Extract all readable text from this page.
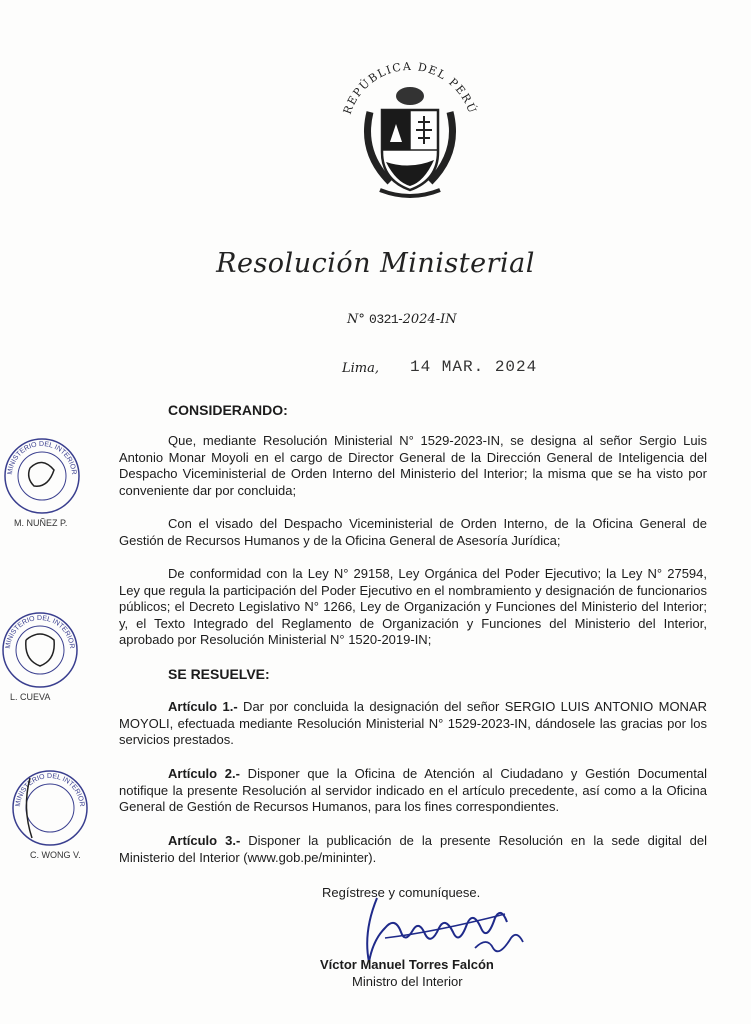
REPÚBLICA DEL PERÚ
Resolución Ministerial
N° 0321-2024-IN
Lima, 14 MAR. 2024
CONSIDERANDO:

Que, mediante Resolución Ministerial N° 1529-2023-IN, se designa al señor Sergio Luis Antonio Monar Moyoli en el cargo de Director General de la Dirección General de Inteligencia del Despacho Viceministerial de Orden Interno del Ministerio del Interior; la misma que se ha visto por conveniente dar por concluida;

Con el visado del Despacho Viceministerial de Orden Interno, de la Oficina General de Gestión de Recursos Humanos y de la Oficina General de Asesoría Jurídica;

De conformidad con la Ley N° 29158, Ley Orgánica del Poder Ejecutivo; la Ley N° 27594, Ley que regula la participación del Poder Ejecutivo en el nombramiento y designación de funcionarios públicos; el Decreto Legislativo N° 1266, Ley de Organización y Funciones del Ministerio del Interior; y, el Texto Integrado del Reglamento de Organización y Funciones del Ministerio del Interior, aprobado por Resolución Ministerial N° 1520-2019-IN;

SE RESUELVE:

Artículo 1.- Dar por concluida la designación del señor SERGIO LUIS ANTONIO MONAR MOYOLI, efectuada mediante Resolución Ministerial N° 1529-2023-IN, dándosele las gracias por los servicios prestados.

Artículo 2.- Disponer que la Oficina de Atención al Ciudadano y Gestión Documental notifique la presente Resolución al servidor indicado en el artículo precedente, así como a la Oficina General de Gestión de Recursos Humanos, para los fines correspondientes.

Artículo 3.- Disponer la publicación de la presente Resolución en la sede digital del Ministerio del Interior (www.gob.pe/mininter).

Regístrese y comuníquese.
Víctor Manuel Torres Falcón
Ministro del Interior
MINISTERIO DEL INTERIOR
M. NUÑEZ P.
MINISTERIO DEL INTERIOR
L. CUEVA
MINISTERIO DEL INTERIOR
C. WONG V.
